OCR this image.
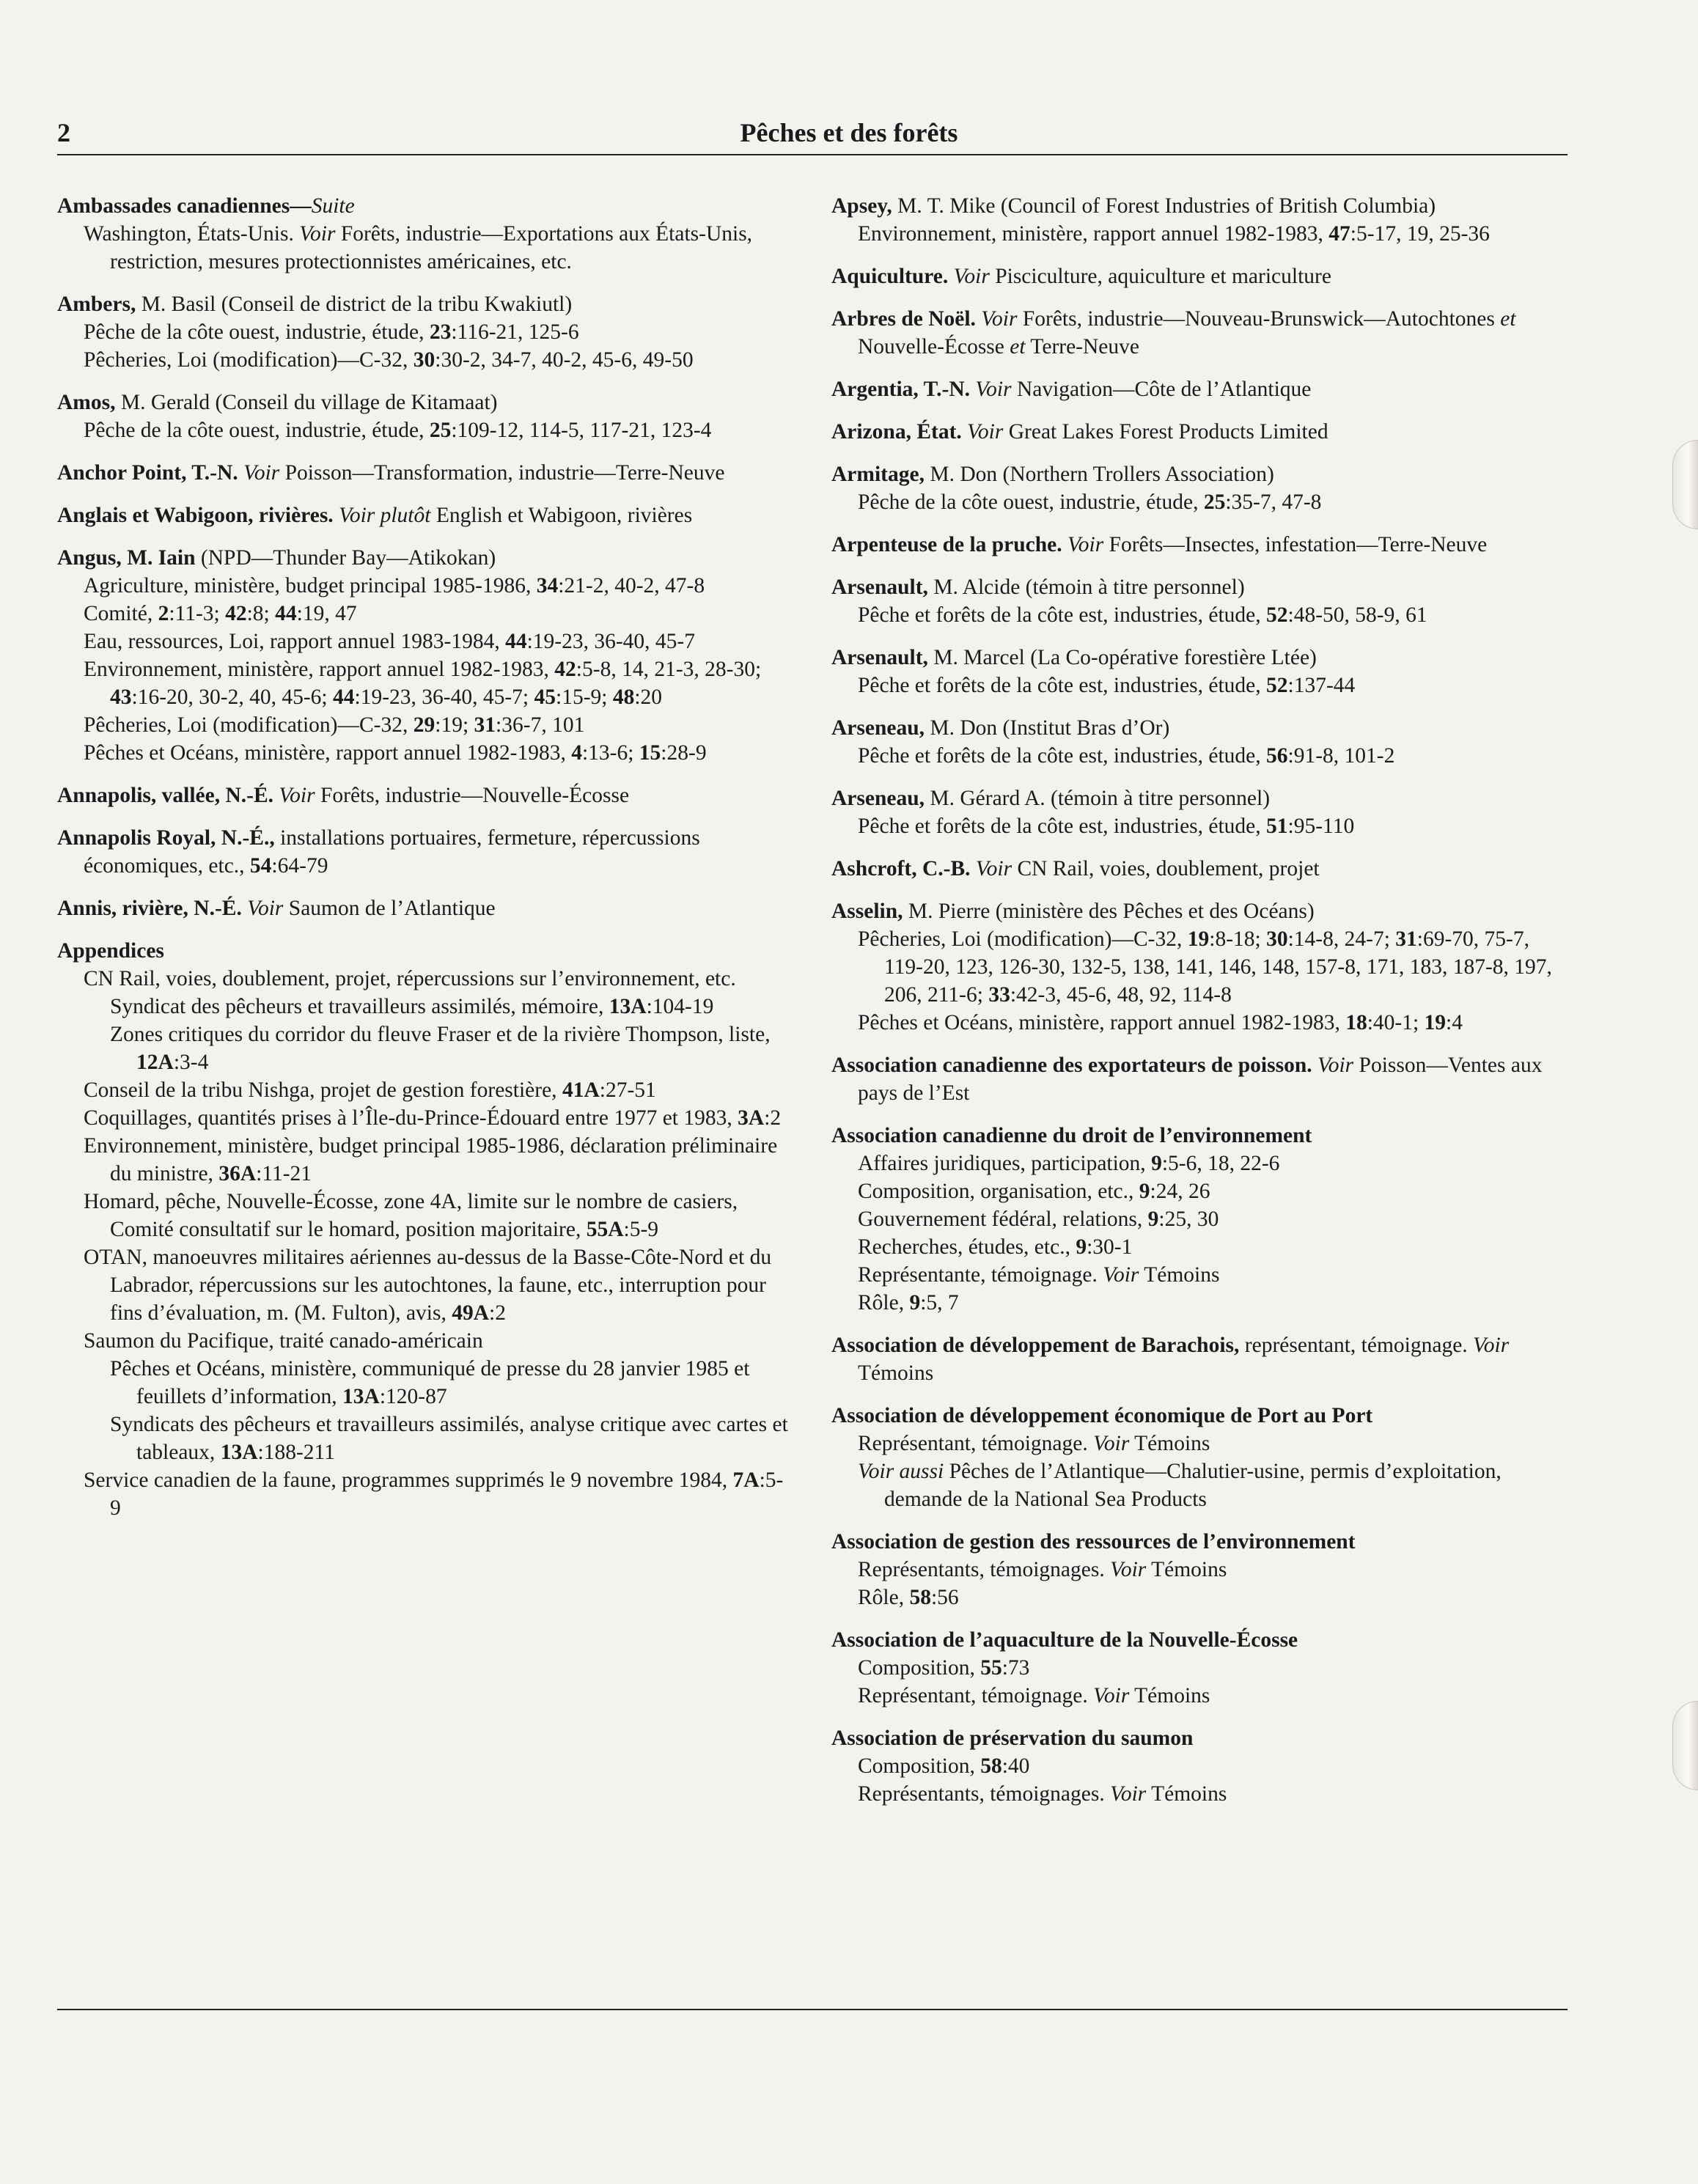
2	Pêches et des forêts
Ambassades canadiennes—Suite
Washington, États-Unis. Voir Forêts, industrie—Exportations aux États-Unis, restriction, mesures protectionnistes américaines, etc.
Ambers, M. Basil (Conseil de district de la tribu Kwakiutl)
Pêche de la côte ouest, industrie, étude, 23:116-21, 125-6
Pêcheries, Loi (modification)—C-32, 30:30-2, 34-7, 40-2, 45-6, 49-50
Amos, M. Gerald (Conseil du village de Kitamaat)
Pêche de la côte ouest, industrie, étude, 25:109-12, 114-5, 117-21, 123-4
Anchor Point, T.-N. Voir Poisson—Transformation, industrie—Terre-Neuve
Anglais et Wabigoon, rivières. Voir plutôt English et Wabigoon, rivières
Angus, M. Iain (NPD—Thunder Bay—Atikokan)
Agriculture, ministère, budget principal 1985-1986, 34:21-2, 40-2, 47-8
Comité, 2:11-3; 42:8; 44:19, 47
Eau, ressources, Loi, rapport annuel 1983-1984, 44:19-23, 36-40, 45-7
Environnement, ministère, rapport annuel 1982-1983, 42:5-8, 14, 21-3, 28-30; 43:16-20, 30-2, 40, 45-6; 44:19-23, 36-40, 45-7; 45:15-9; 48:20
Pêcheries, Loi (modification)—C-32, 29:19; 31:36-7, 101
Pêches et Océans, ministère, rapport annuel 1982-1983, 4:13-6; 15:28-9
Annapolis, vallée, N.-É. Voir Forêts, industrie—Nouvelle-Écosse
Annapolis Royal, N.-É., installations portuaires, fermeture, répercussions économiques, etc., 54:64-79
Annis, rivière, N.-É. Voir Saumon de l’Atlantique
Appendices
CN Rail, voies, doublement, projet, répercussions sur l’environnement, etc.
Syndicat des pêcheurs et travailleurs assimilés, mémoire, 13A:104-19
Zones critiques du corridor du fleuve Fraser et de la rivière Thompson, liste, 12A:3-4
Conseil de la tribu Nishga, projet de gestion forestière, 41A:27-51
Coquillages, quantités prises à l’Île-du-Prince-Édouard entre 1977 et 1983, 3A:2
Environnement, ministère, budget principal 1985-1986, déclaration préliminaire du ministre, 36A:11-21
Homard, pêche, Nouvelle-Écosse, zone 4A, limite sur le nombre de casiers, Comité consultatif sur le homard, position majoritaire, 55A:5-9
OTAN, manoeuvres militaires aériennes au-dessus de la Basse-Côte-Nord et du Labrador, répercussions sur les autochtones, la faune, etc., interruption pour fins d’évaluation, m. (M. Fulton), avis, 49A:2
Saumon du Pacifique, traité canado-américain
Pêches et Océans, ministère, communiqué de presse du 28 janvier 1985 et feuillets d’information, 13A:120-87
Syndicats des pêcheurs et travailleurs assimilés, analyse critique avec cartes et tableaux, 13A:188-211
Service canadien de la faune, programmes supprimés le 9 novembre 1984, 7A:5-9
Apsey, M. T. Mike (Council of Forest Industries of British Columbia)
Environnement, ministère, rapport annuel 1982-1983, 47:5-17, 19, 25-36
Aquiculture. Voir Pisciculture, aquiculture et mariculture
Arbres de Noël. Voir Forêts, industrie—Nouveau-Brunswick—Autochtones et Nouvelle-Écosse et Terre-Neuve
Argentia, T.-N. Voir Navigation—Côte de l’Atlantique
Arizona, État. Voir Great Lakes Forest Products Limited
Armitage, M. Don (Northern Trollers Association)
Pêche de la côte ouest, industrie, étude, 25:35-7, 47-8
Arpenteuse de la pruche. Voir Forêts—Insectes, infestation—Terre-Neuve
Arsenault, M. Alcide (témoin à titre personnel)
Pêche et forêts de la côte est, industries, étude, 52:48-50, 58-9, 61
Arsenault, M. Marcel (La Co-opérative forestière Ltée)
Pêche et forêts de la côte est, industries, étude, 52:137-44
Arseneau, M. Don (Institut Bras d’Or)
Pêche et forêts de la côte est, industries, étude, 56:91-8, 101-2
Arseneau, M. Gérard A. (témoin à titre personnel)
Pêche et forêts de la côte est, industries, étude, 51:95-110
Ashcroft, C.-B. Voir CN Rail, voies, doublement, projet
Asselin, M. Pierre (ministère des Pêches et des Océans)
Pêcheries, Loi (modification)—C-32, 19:8-18; 30:14-8, 24-7; 31:69-70, 75-7, 119-20, 123, 126-30, 132-5, 138, 141, 146, 148, 157-8, 171, 183, 187-8, 197, 206, 211-6; 33:42-3, 45-6, 48, 92, 114-8
Pêches et Océans, ministère, rapport annuel 1982-1983, 18:40-1; 19:4
Association canadienne des exportateurs de poisson. Voir Poisson—Ventes aux pays de l’Est
Association canadienne du droit de l’environnement
Affaires juridiques, participation, 9:5-6, 18, 22-6
Composition, organisation, etc., 9:24, 26
Gouvernement fédéral, relations, 9:25, 30
Recherches, études, etc., 9:30-1
Représentante, témoignage. Voir Témoins
Rôle, 9:5, 7
Association de développement de Barachois, représentant, témoignage. Voir Témoins
Association de développement économique de Port au Port
Représentant, témoignage. Voir Témoins
Voir aussi Pêches de l’Atlantique—Chalutier-usine, permis d’exploitation, demande de la National Sea Products
Association de gestion des ressources de l’environnement
Représentants, témoignages. Voir Témoins
Rôle, 58:56
Association de l’aquaculture de la Nouvelle-Écosse
Composition, 55:73
Représentant, témoignage. Voir Témoins
Association de préservation du saumon
Composition, 58:40
Représentants, témoignages. Voir Témoins
